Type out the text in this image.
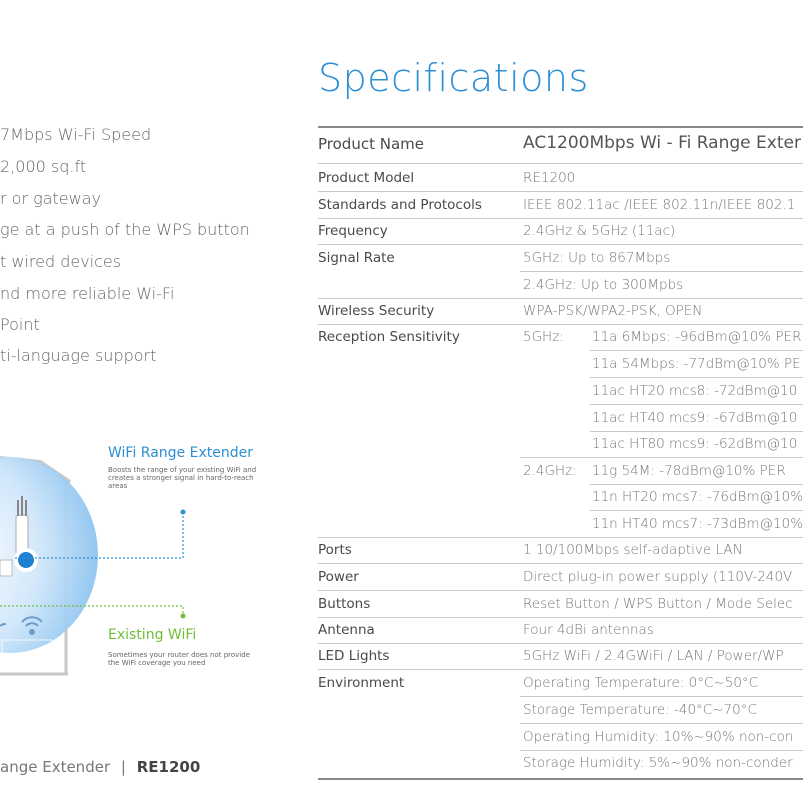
7Mbps Wi-Fi Speed
2,000 sq.ft
r or gateway
ge at a push of the WPS button
t wired devices
nd more reliable Wi-Fi
Point
ti-language support
WiFi Range Extender
Boosts the range of your existing WiFi and creates a stronger signal in hard-to-reach areas
Existing WiFi
Sometimes your router does not provide the WiFi coverage you need
ange Extender | RE1200
Specifications
Product Name	AC1200Mbps Wi - Fi Range Exter
Product Model	RE1200
Standards and Protocols	IEEE 802.11ac /IEEE 802.11n/IEEE 802.1
Frequency	2.4GHz & 5GHz (11ac)
Signal Rate	5GHz: Up to 867Mbps
2.4GHz: Up to 300Mpbs
Wireless Security	WPA-PSK/WPA2-PSK, OPEN
Reception Sensitivity	5GHz: 11a 6Mbps: -96dBm@10% PER
11a 54Mbps: -77dBm@10% PE
11ac HT20 mcs8: -72dBm@10
11ac HT40 mcs9: -67dBm@10
11ac HT80 mcs9: -62dBm@10
2.4GHz: 11g 54M: -78dBm@10% PER
11n HT20 mcs7: -76dBm@10%
11n HT40 mcs7: -73dBm@10%
Ports	1 10/100Mbps self-adaptive LAN
Power	Direct plug-in power supply (110V-240V
Buttons	Reset Button / WPS Button / Mode Selec
Antenna	Four 4dBi antennas
LED Lights	5GHz WiFi / 2.4GWiFi / LAN / Power/WP
Environment	Operating Temperature: 0°C~50°C
Storage Temperature: -40°C~70°C
Operating Humidity: 10%~90% non-con
Storage Humidity: 5%~90% non-conder
